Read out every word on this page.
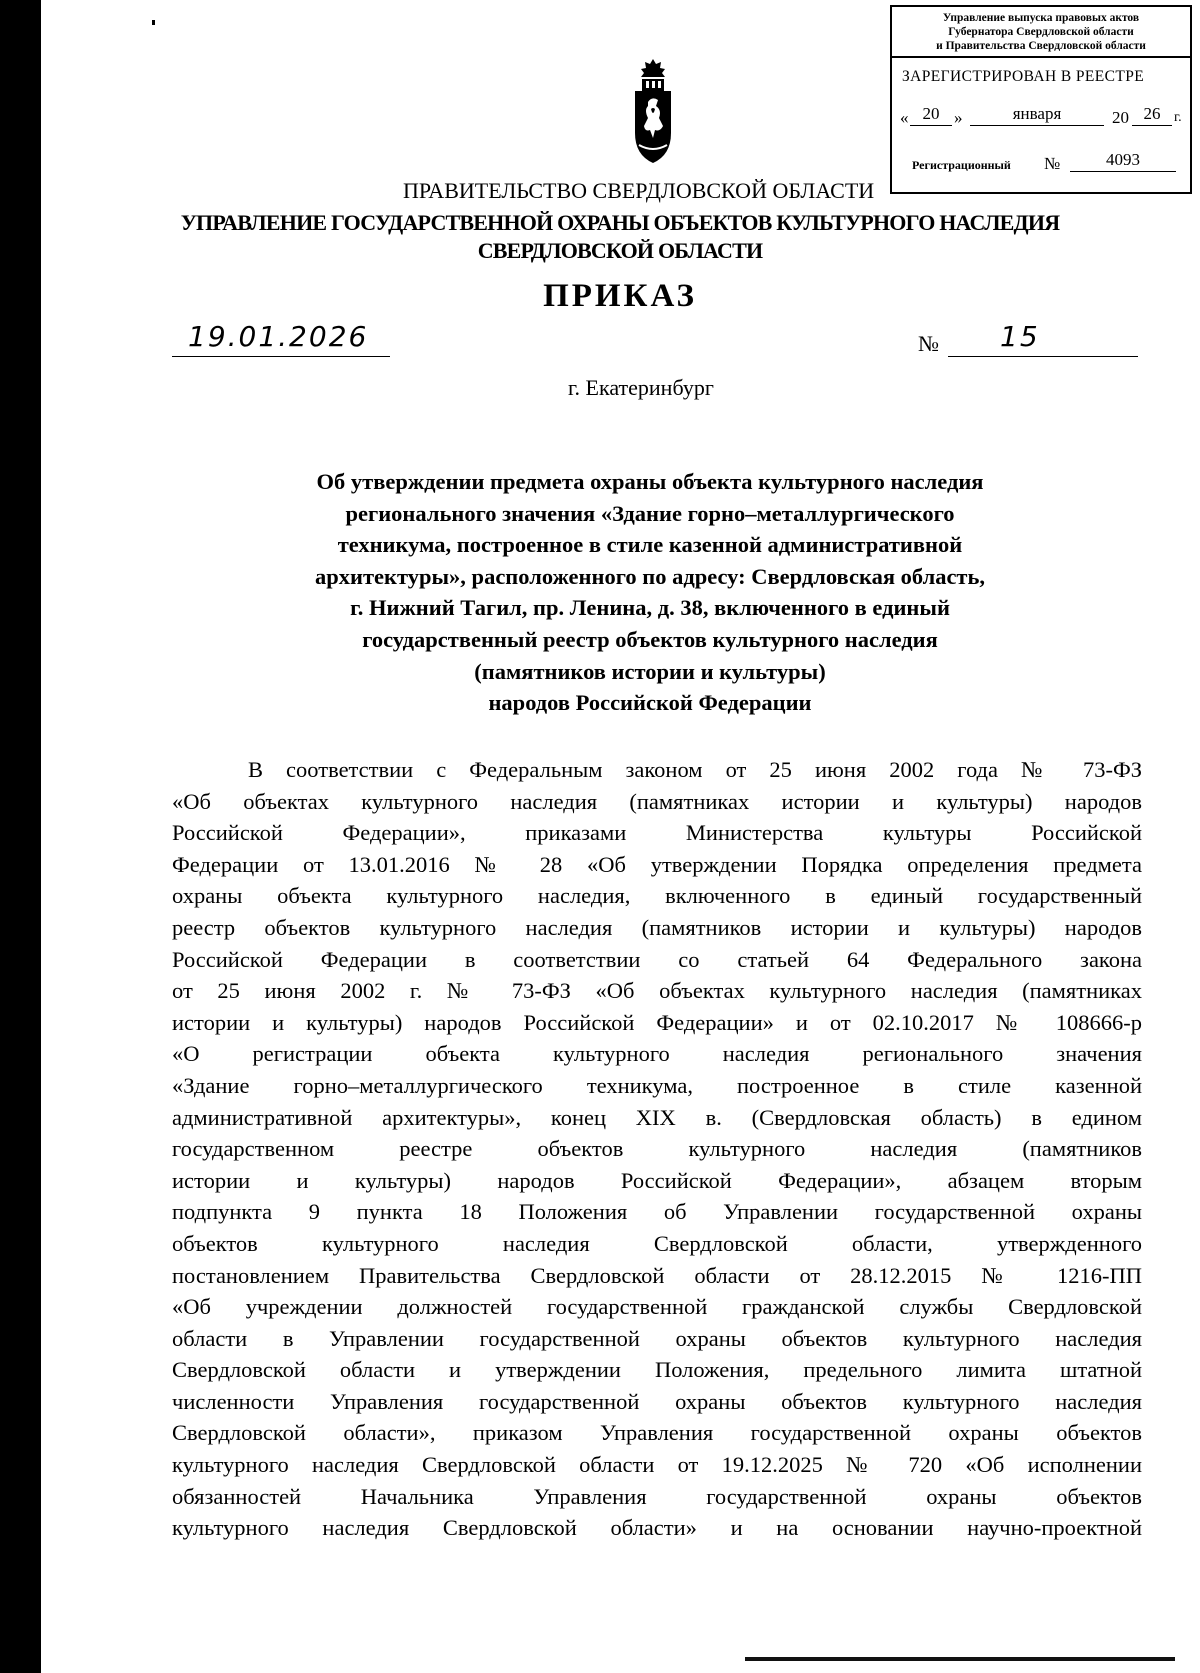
Управление выпуска правовых актов
Губернатора Свердловской области
и Правительства Свердловской области
ЗАРЕГИСТРИРОВАН В РЕЕСТРЕ
« 20 »	января	20 26 г.
Регистрационный №	4093
ПРАВИТЕЛЬСТВО СВЕРДЛОВСКОЙ ОБЛАСТИ
УПРАВЛЕНИЕ ГОСУДАРСТВЕННОЙ ОХРАНЫ ОБЪЕКТОВ КУЛЬТУРНОГО НАСЛЕДИЯ
СВЕРДЛОВСКОЙ ОБЛАСТИ
ПРИКАЗ
19.01.2026	№ 15
г. Екатеринбург
Об утверждении предмета охраны объекта культурного наследия
регионального значения «Здание горно–металлургического
техникума, построенное в стиле казенной административной
архитектуры», расположенного по адресу: Свердловская область,
г. Нижний Тагил, пр. Ленина, д. 38, включенного в единый
государственный реестр объектов культурного наследия
(памятников истории и культуры)
народов Российской Федерации
В соответствии с Федеральным законом от 25 июня 2002 года № 73-ФЗ
«Об объектах культурного наследия (памятниках истории и культуры) народов
Российской Федерации», приказами Министерства культуры Российской
Федерации от 13.01.2016 № 28 «Об утверждении Порядка определения предмета
охраны объекта культурного наследия, включенного в единый государственный
реестр объектов культурного наследия (памятников истории и культуры) народов
Российской Федерации в соответствии со статьей 64 Федерального закона
от 25 июня 2002 г. № 73-ФЗ «Об объектах культурного наследия (памятниках
истории и культуры) народов Российской Федерации» и от 02.10.2017 № 108666-р
«О регистрации объекта культурного наследия регионального значения
«Здание горно–металлургического техникума, построенное в стиле казенной
административной архитектуры», конец XIX в. (Свердловская область) в едином
государственном реестре объектов культурного наследия (памятников
истории и культуры) народов Российской Федерации», абзацем вторым
подпункта 9 пункта 18 Положения об Управлении государственной охраны
объектов культурного наследия Свердловской области, утвержденного
постановлением Правительства Свердловской области от 28.12.2015 № 1216-ПП
«Об учреждении должностей государственной гражданской службы Свердловской
области в Управлении государственной охраны объектов культурного наследия
Свердловской области и утверждении Положения, предельного лимита штатной
численности Управления государственной охраны объектов культурного наследия
Свердловской области», приказом Управления государственной охраны объектов
культурного наследия Свердловской области от 19.12.2025 № 720 «Об исполнении
обязанностей Начальника Управления государственной охраны объектов
культурного наследия Свердловской области» и на основании научно-проектной
